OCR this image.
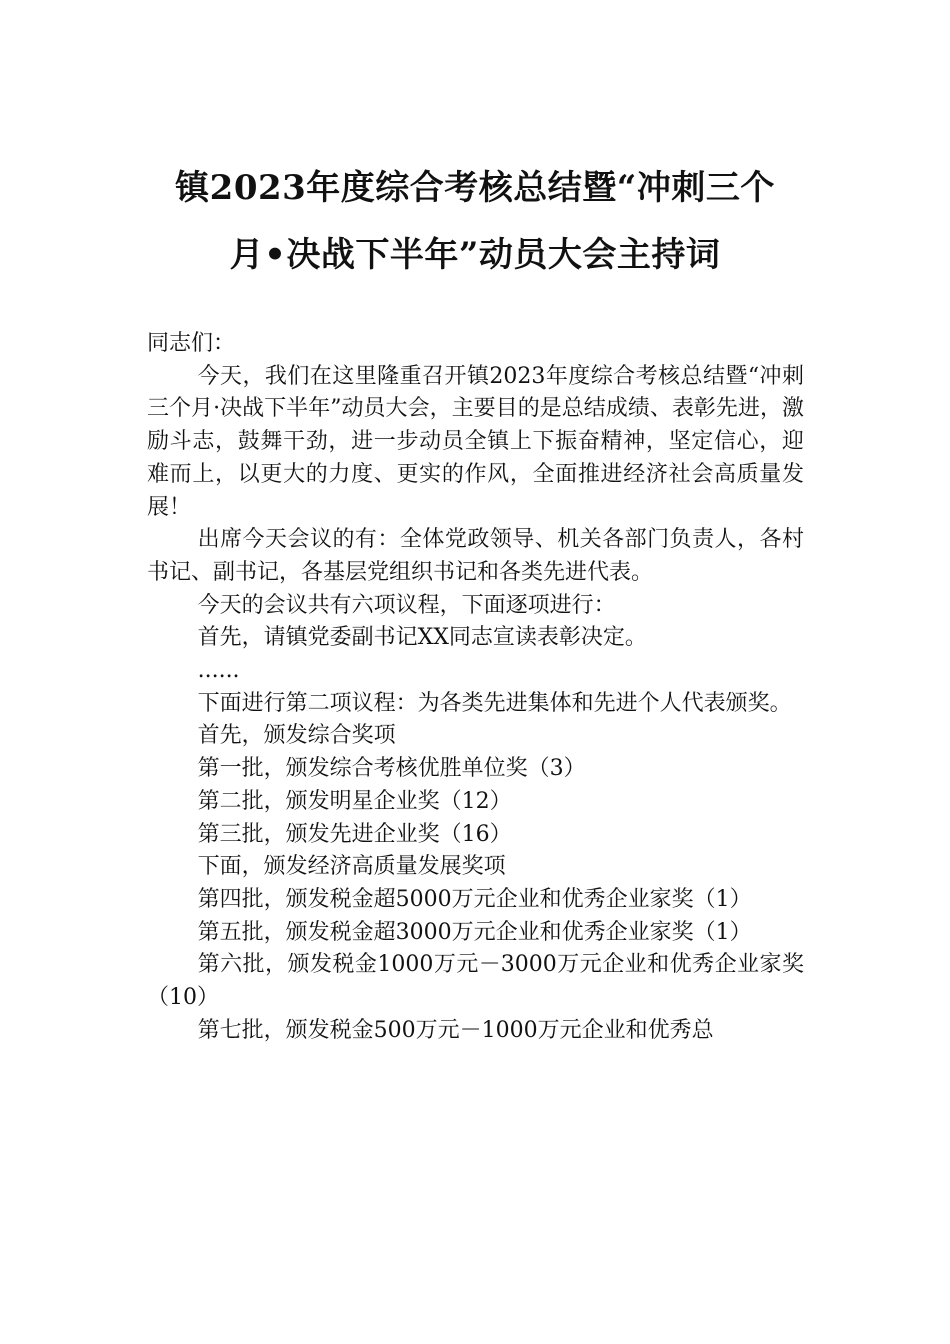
镇2023年度综合考核总结暨“冲刺三个
月•决战下半年”动员大会主持词

同志们：

今天，我们在这里隆重召开镇2023年度综合考核总结暨“冲刺三个月·决战下半年”动员大会，主要目的是总结成绩、表彰先进，激励斗志，鼓舞干劲，进一步动员全镇上下振奋精神，坚定信心，迎难而上，以更大的力度、更实的作风，全面推进经济社会高质量发展！

出席今天会议的有：全体党政领导、机关各部门负责人，各村书记、副书记，各基层党组织书记和各类先进代表。

今天的会议共有六项议程，下面逐项进行：

首先，请镇党委副书记XX同志宣读表彰决定。

......

下面进行第二项议程：为各类先进集体和先进个人代表颁奖。

首先，颁发综合奖项

第一批，颁发综合考核优胜单位奖（3）

第二批，颁发明星企业奖（12）

第三批，颁发先进企业奖（16）

下面，颁发经济高质量发展奖项

第四批，颁发税金超5000万元企业和优秀企业家奖（1）

第五批，颁发税金超3000万元企业和优秀企业家奖（1）

第六批，颁发税金1000万元－3000万元企业和优秀企业家奖（10）

第七批，颁发税金500万元－1000万元企业和优秀总
